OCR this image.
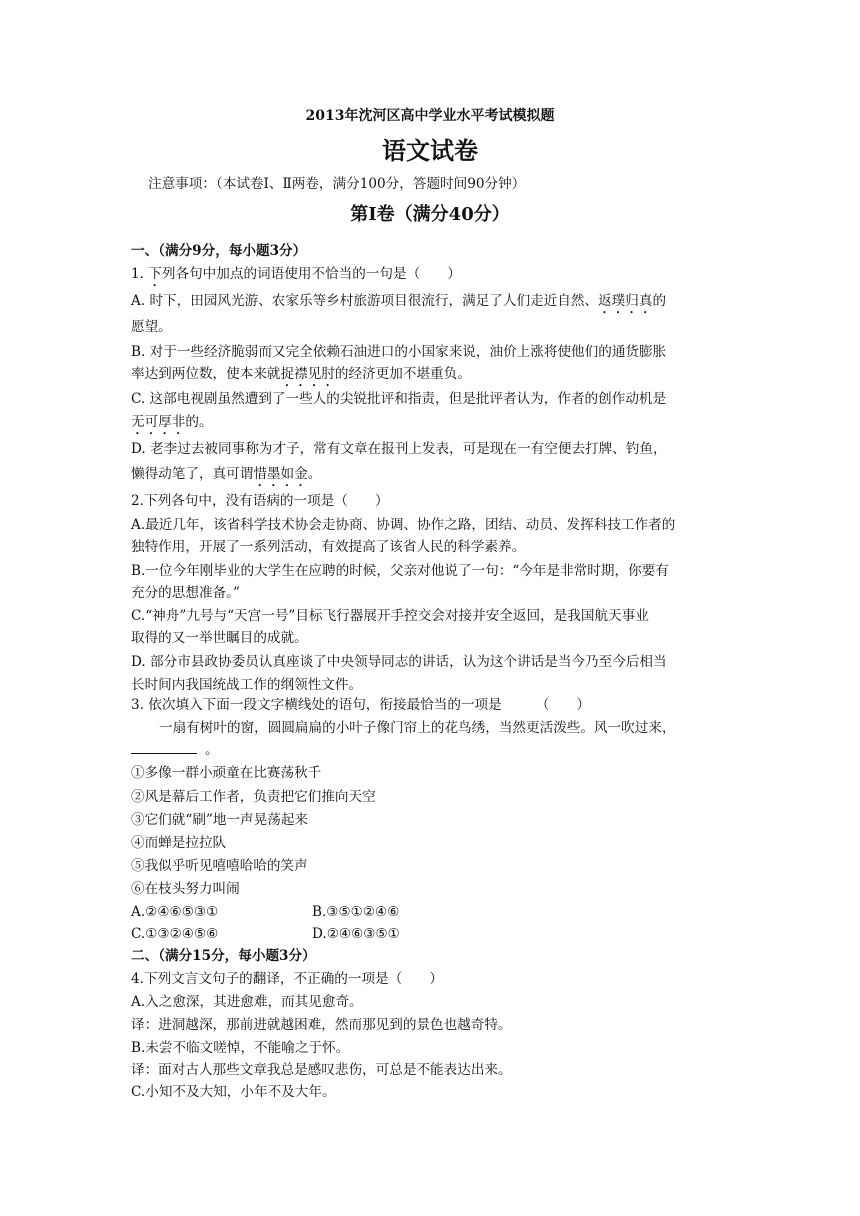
2013年沈河区高中学业水平考试模拟题
语文试卷
注意事项：（本试卷Ⅰ、Ⅱ两卷，满分100分，答题时间90分钟）
第Ⅰ卷（满分40分）
一、（满分9分，每小题3分）
1. 下列各句中加点的词语使用不恰当的一句是（　　）
A. 时下，田园风光游、农家乐等乡村旅游项目很流行，满足了人们走近自然、返璞归真的
愿望。
B. 对于一些经济脆弱而又完全依赖石油进口的小国家来说，油价上涨将使他们的通货膨胀
率达到两位数，使本来就捉襟见肘的经济更加不堪重负。
C. 这部电视剧虽然遭到了一些人的尖锐批评和指责，但是批评者认为，作者的创作动机是
无可厚非的。
D. 老李过去被同事称为才子，常有文章在报刊上发表，可是现在一有空便去打牌、钓鱼，
懒得动笔了，真可谓惜墨如金。
2.下列各句中，没有语病的一项是（　　）
A.最近几年，该省科学技术协会走协商、协调、协作之路，团结、动员、发挥科技工作者的
独特作用，开展了一系列活动，有效提高了该省人民的科学素养。
B.一位今年刚毕业的大学生在应聘的时候，父亲对他说了一句：“今年是非常时期，你要有
充分的思想准备。”
C.“神舟”九号与“天宫一号”目标飞行器展开手控交会对接并安全返回，是我国航天事业
取得的又一举世瞩目的成就。
D. 部分市县政协委员认真座谈了中央领导同志的讲话，认为这个讲话是当今乃至今后相当
长时间内我国统战工作的纲领性文件。
3. 依次填入下面一段文字横线处的语句，衔接最恰当的一项是　　　（　　）
一扇有树叶的窗，圆圆扁扁的小叶子像门帘上的花鸟绣，当然更活泼些。风一吹过来，
。
①多像一群小顽童在比赛荡秋千
②风是幕后工作者，负责把它们推向天空
③它们就“刷”地一声晃荡起来
④而蝉是拉拉队
⑤我似乎听见嘻嘻哈哈的笑声
⑥在枝头努力叫闹
A.②④⑥⑤③①	B.③⑤①②④⑥
C.①③②④⑤⑥	D.②④⑥③⑤①
二、（满分15分，每小题3分）
4.下列文言文句子的翻译，不正确的一项是（　　）
A.入之愈深，其进愈难，而其见愈奇。
译：进洞越深，那前进就越困难，然而那见到的景色也越奇特。
B.未尝不临文嗟悼，不能喻之于怀。
译：面对古人那些文章我总是感叹悲伤，可总是不能表达出来。
C.小知不及大知，小年不及大年。
